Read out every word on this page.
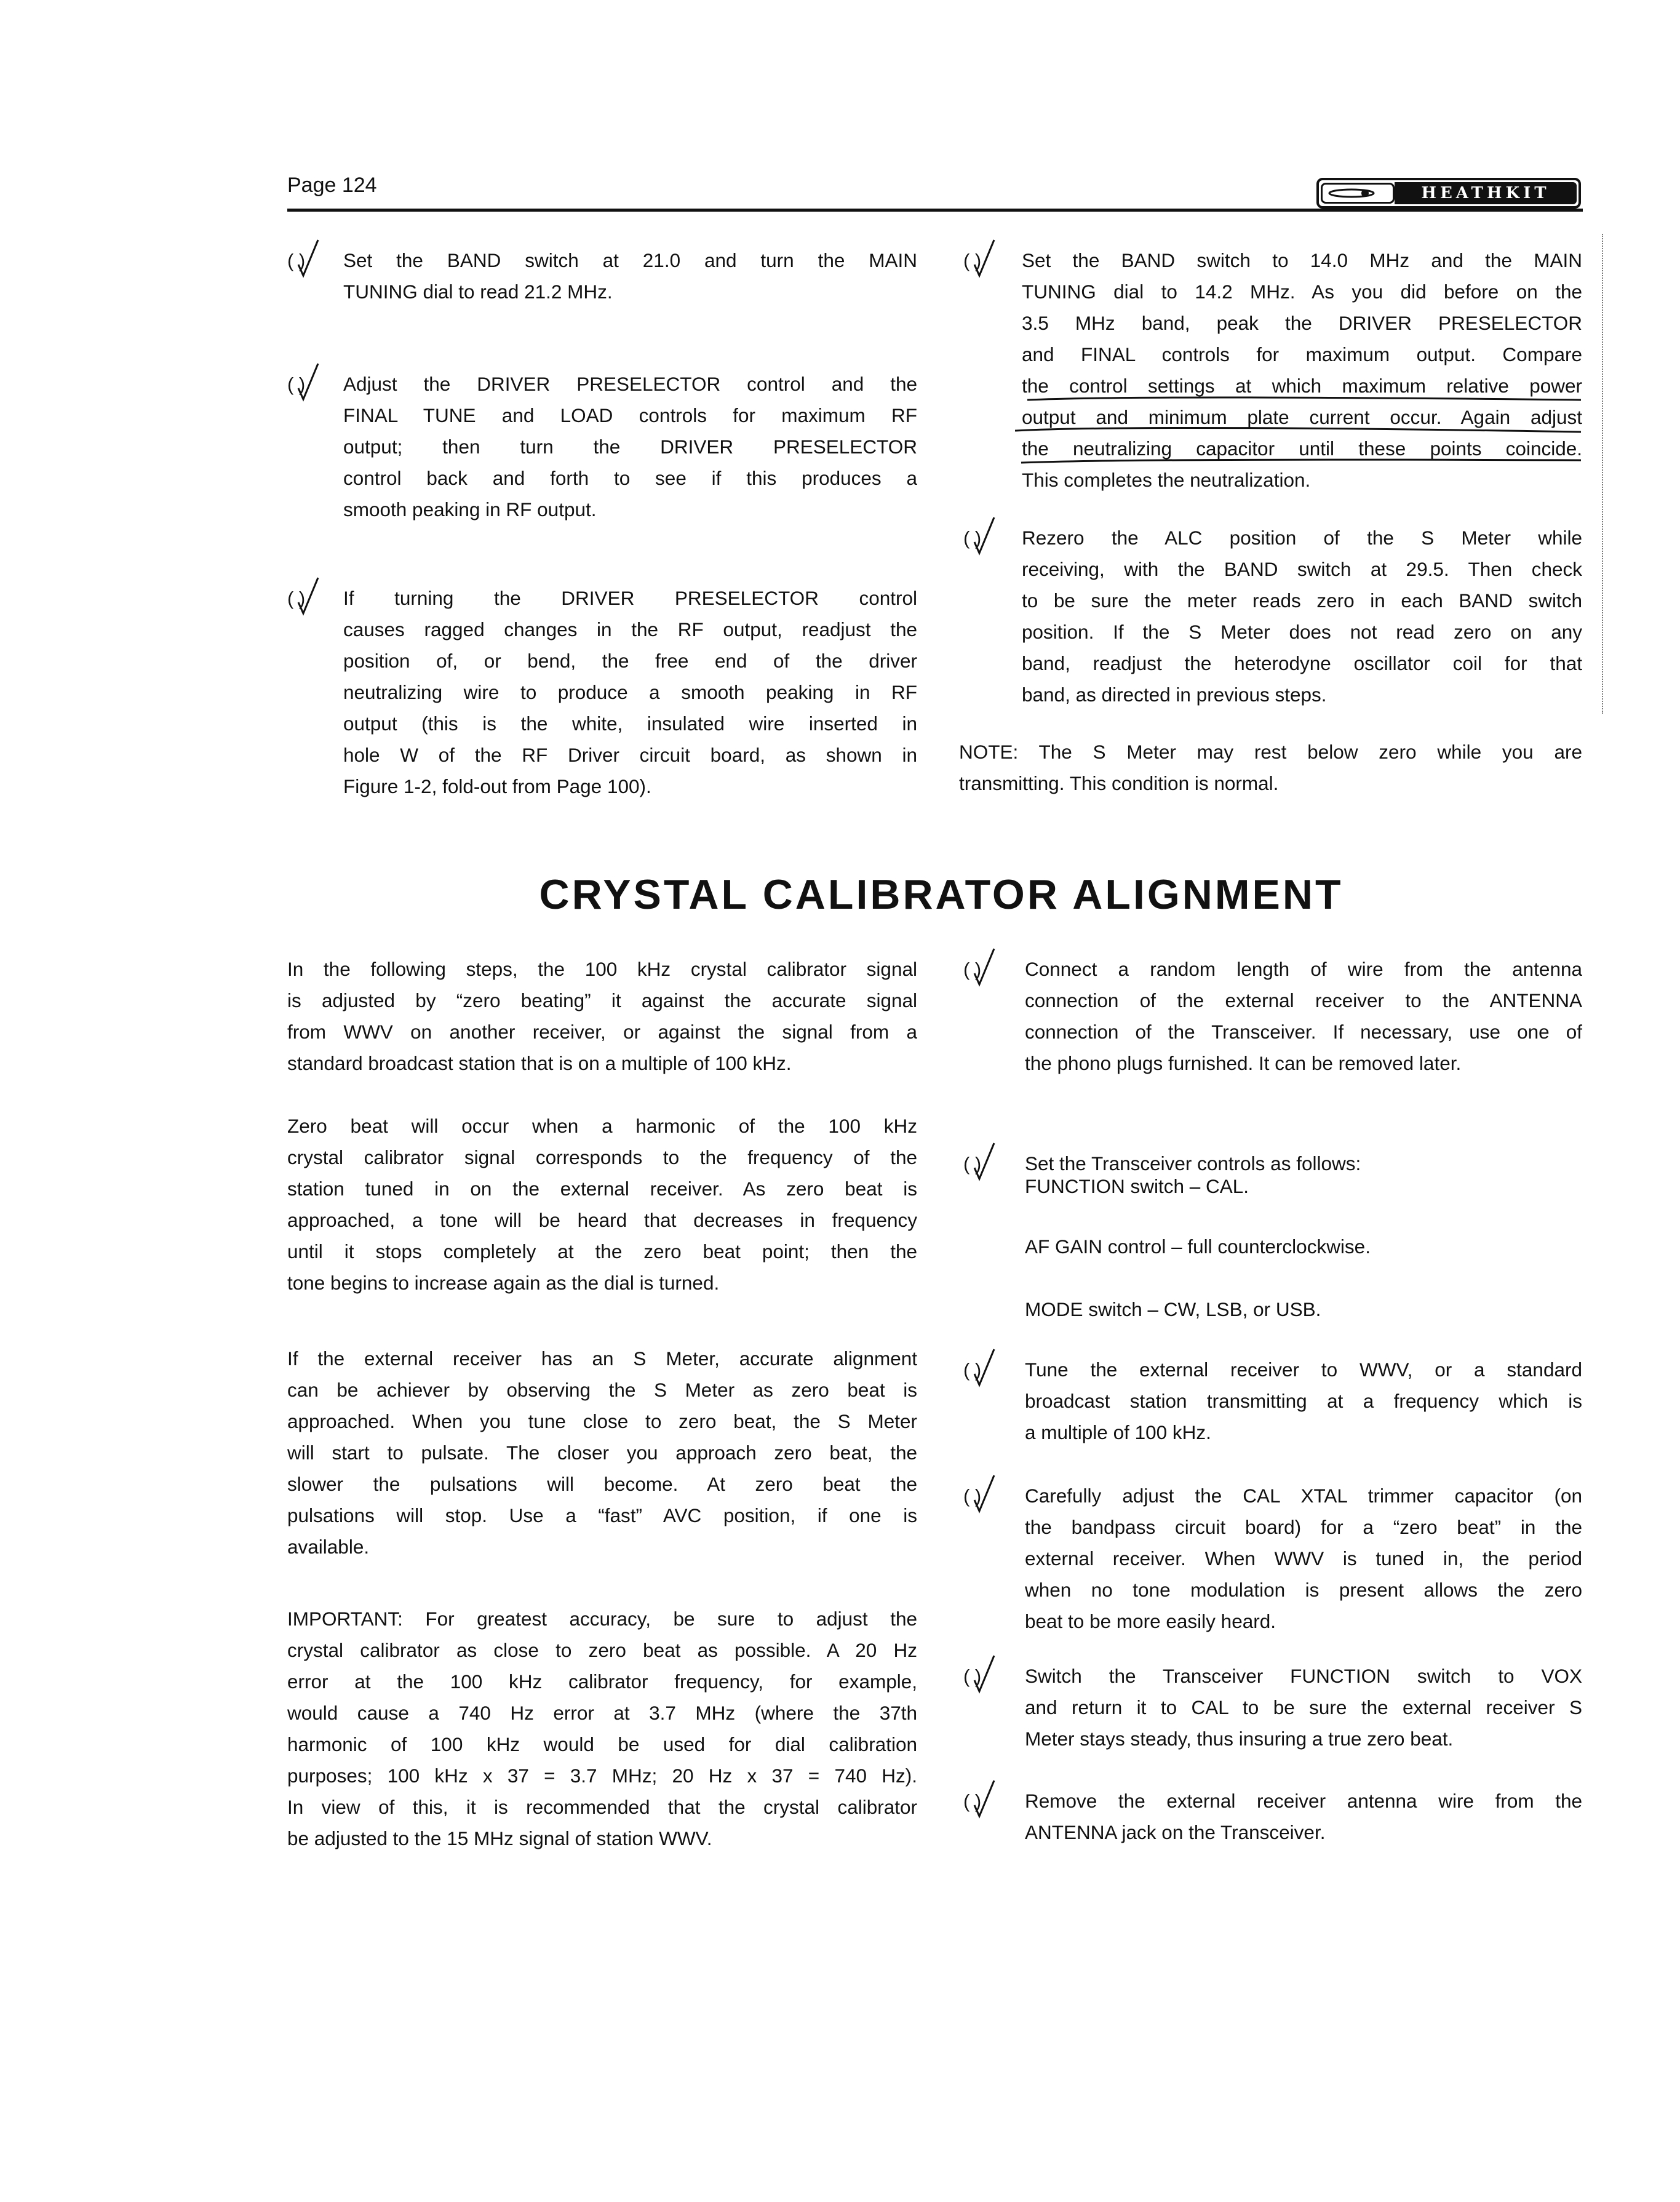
Page 124	HEATHKIT
( ) Set the BAND switch at 21.0 and turn the MAIN
TUNING dial to read 21.2 MHz.
( ) Adjust the DRIVER PRESELECTOR control and the
FINAL TUNE and LOAD controls for maximum RF
output; then turn the DRIVER PRESELECTOR
control back and forth to see if this produces a
smooth peaking in RF output.
( ) If turning the DRIVER PRESELECTOR control
causes ragged changes in the RF output, readjust the
position of, or bend, the free end of the driver
neutralizing wire to produce a smooth peaking in RF
output (this is the white, insulated wire inserted in
hole W of the RF Driver circuit board, as shown in
Figure 1-2, fold-out from Page 100).
( ) Set the BAND switch to 14.0 MHz and the MAIN
TUNING dial to 14.2 MHz. As you did before on the
3.5 MHz band, peak the DRIVER PRESELECTOR
and FINAL controls for maximum output. Compare
the control settings at which maximum relative power
output and minimum plate current occur. Again adjust
the neutralizing capacitor until these points coincide.
This completes the neutralization.
( ) Rezero the ALC position of the S Meter while
receiving, with the BAND switch at 29.5. Then check
to be sure the meter reads zero in each BAND switch
position. If the S Meter does not read zero on any
band, readjust the heterodyne oscillator coil for that
band, as directed in previous steps.
NOTE: The S Meter may rest below zero while you are
transmitting. This condition is normal.
CRYSTAL CALIBRATOR ALIGNMENT
In the following steps, the 100 kHz crystal calibrator signal
is adjusted by “zero beating” it against the accurate signal
from WWV on another receiver, or against the signal from a
standard broadcast station that is on a multiple of 100 kHz.
Zero beat will occur when a harmonic of the 100 kHz
crystal calibrator signal corresponds to the frequency of the
station tuned in on the external receiver. As zero beat is
approached, a tone will be heard that decreases in frequency
until it stops completely at the zero beat point; then the
tone begins to increase again as the dial is turned.
If the external receiver has an S Meter, accurate alignment
can be achiever by observing the S Meter as zero beat is
approached. When you tune close to zero beat, the S Meter
will start to pulsate. The closer you approach zero beat, the
slower the pulsations will become. At zero beat the
pulsations will stop. Use a “fast” AVC position, if one is
available.
IMPORTANT: For greatest accuracy, be sure to adjust the
crystal calibrator as close to zero beat as possible. A 20 Hz
error at the 100 kHz calibrator frequency, for example,
would cause a 740 Hz error at 3.7 MHz (where the 37th
harmonic of 100 kHz would be used for dial calibration
purposes; 100 kHz x 37 = 3.7 MHz; 20 Hz x 37 = 740 Hz).
In view of this, it is recommended that the crystal calibrator
be adjusted to the 15 MHz signal of station WWV.
( ) Connect a random length of wire from the antenna
connection of the external receiver to the ANTENNA
connection of the Transceiver. If necessary, use one of
the phono plugs furnished. It can be removed later.
( ) Set the Transceiver controls as follows:
FUNCTION switch – CAL.
AF GAIN control – full counterclockwise.
MODE switch – CW, LSB, or USB.
( ) Tune the external receiver to WWV, or a standard
broadcast station transmitting at a frequency which is
a multiple of 100 kHz.
( ) Carefully adjust the CAL XTAL trimmer capacitor (on
the bandpass circuit board) for a “zero beat” in the
external receiver. When WWV is tuned in, the period
when no tone modulation is present allows the zero
beat to be more easily heard.
( ) Switch the Transceiver FUNCTION switch to VOX
and return it to CAL to be sure the external receiver S
Meter stays steady, thus insuring a true zero beat.
( ) Remove the external receiver antenna wire from the
ANTENNA jack on the Transceiver.
